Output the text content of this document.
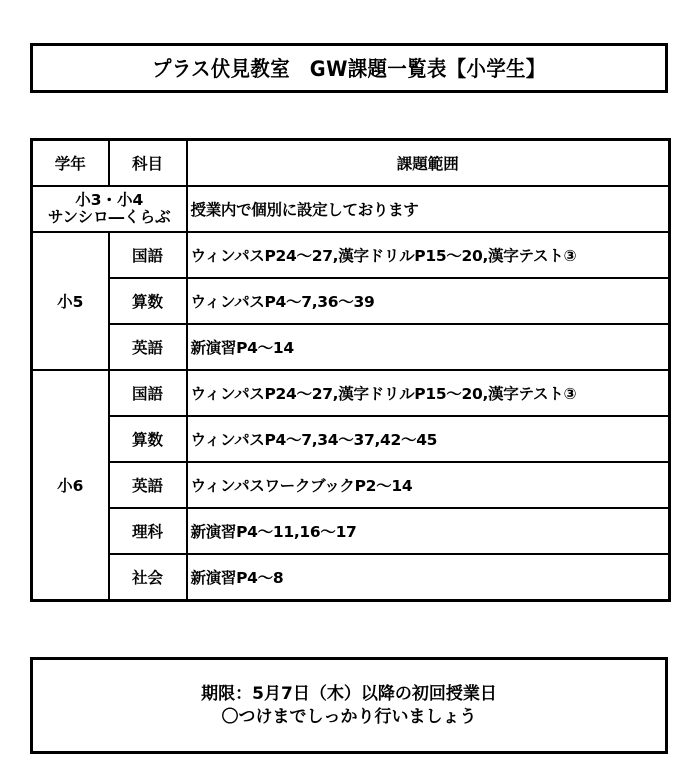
プラス伏見教室　GW課題一覧表【小学生】
学年	科目	課題範囲

小3・小4
サンシロ―くらぶ		授業内で個別に設定しております
小5	国語	ウィンパスP24～27,漢字ドリルP15～20,漢字テスト③
	算数	ウィンパスP4～7,36～39
	英語	新演習P4～14
小6	国語	ウィンパスP24～27,漢字ドリルP15～20,漢字テスト③
	算数	ウィンパスP4～7,34～37,42～45
	英語	ウィンパスワークブックP2～14
	理科	新演習P4～11,16～17
	社会	新演習P4～8
期限：5月7日（木）以降の初回授業日
〇つけまでしっかり行いましょう
